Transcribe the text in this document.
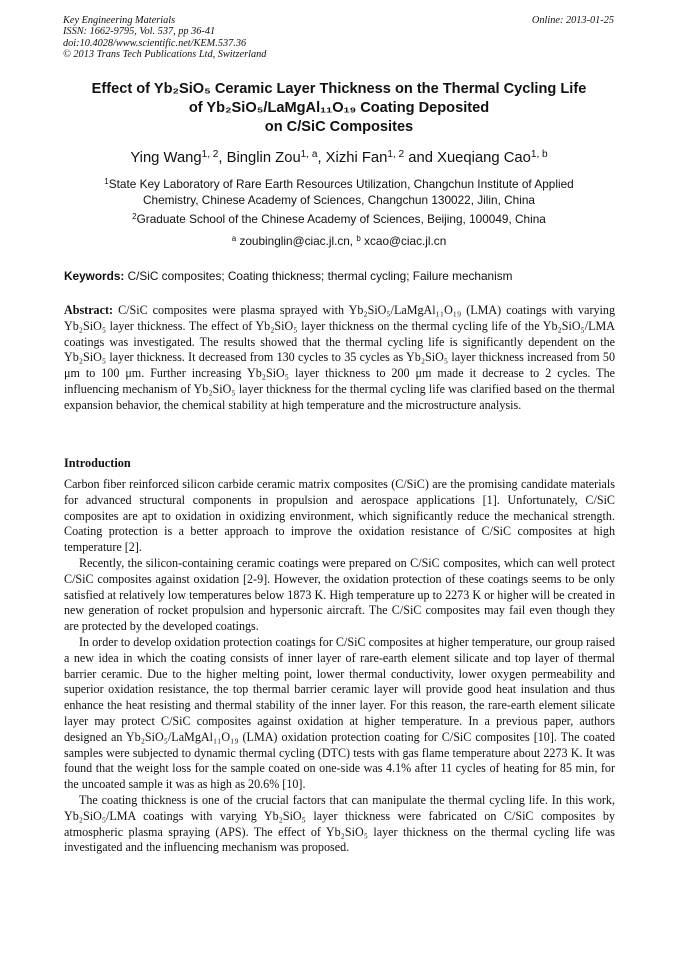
Key Engineering Materials
ISSN: 1662-9795, Vol. 537, pp 36-41
doi:10.4028/www.scientific.net/KEM.537.36
© 2013 Trans Tech Publications Ltd, Switzerland
Online: 2013-01-25
Effect of Yb₂SiO₅ Ceramic Layer Thickness on the Thermal Cycling Life
of Yb₂SiO₅/LaMgAl₁₁O₁₉ Coating Deposited
on C/SiC Composites
Ying Wang$^{1, 2}$, Binglin Zou$^{1, a}$, Xizhi Fan$^{1, 2}$ and Xueqiang Cao$^{1, b}$
$^1$State Key Laboratory of Rare Earth Resources Utilization, Changchun Institute of Applied
Chemistry, Chinese Academy of Sciences, Changchun 130022, Jilin, China
$^2$Graduate School of the Chinese Academy of Sciences, Beijing, 100049, China
$^a$ zoubinglin@ciac.jl.cn, $^b$ xcao@ciac.jl.cn
Keywords: C/SiC composites; Coating thickness; thermal cycling; Failure mechanism
Abstract: C/SiC composites were plasma sprayed with Yb₂SiO₅/LaMgAl₁₁O₁₉ (LMA) coatings with varying Yb₂SiO₅ layer thickness. The effect of Yb₂SiO₅ layer thickness on the thermal cycling life of the Yb₂SiO₅/LMA coatings was investigated. The results showed that the thermal cycling life is significantly dependent on the Yb₂SiO₅ layer thickness. It decreased from 130 cycles to 35 cycles as Yb₂SiO₅ layer thickness increased from 50 μm to 100 μm. Further increasing Yb₂SiO₅ layer thickness to 200 μm made it decrease to 2 cycles. The influencing mechanism of Yb₂SiO₅ layer thickness for the thermal cycling life was clarified based on the thermal expansion behavior, the chemical stability at high temperature and the microstructure analysis.
Introduction

Carbon fiber reinforced silicon carbide ceramic matrix composites (C/SiC) are the promising candidate materials for advanced structural components in propulsion and aerospace applications [1]. Unfortunately, C/SiC composites are apt to oxidation in oxidizing environment, which significantly reduce the mechanical strength. Coating protection is a better approach to improve the oxidation resistance of C/SiC composites at high temperature [2].

Recently, the silicon-containing ceramic coatings were prepared on C/SiC composites, which can well protect C/SiC composites against oxidation [2-9]. However, the oxidation protection of these coatings seems to be only satisfied at relatively low temperatures below 1873 K. High temperature up to 2273 K or higher will be created in new generation of rocket propulsion and hypersonic aircraft. The C/SiC composites may fail even though they are protected by the developed coatings.

In order to develop oxidation protection coatings for C/SiC composites at higher temperature, our group raised a new idea in which the coating consists of inner layer of rare-earth element silicate and top layer of thermal barrier ceramic. Due to the higher melting point, lower thermal conductivity, lower oxygen permeability and superior oxidation resistance, the top thermal barrier ceramic layer will provide good heat insulation and thus enhance the heat resisting and thermal stability of the inner layer. For this reason, the rare-earth element silicate layer may protect C/SiC composites against oxidation at higher temperature. In a previous paper, authors designed an Yb₂SiO₅/LaMgAl₁₁O₁₉ (LMA) oxidation protection coating for C/SiC composites [10]. The coated samples were subjected to dynamic thermal cycling (DTC) tests with gas flame temperature about 2273 K. It was found that the weight loss for the sample coated on one-side was 4.1% after 11 cycles of heating for 85 min, for the uncoated sample it was as high as 20.6% [10].

The coating thickness is one of the crucial factors that can manipulate the thermal cycling life. In this work, Yb₂SiO₅/LMA coatings with varying Yb₂SiO₅ layer thickness were fabricated on C/SiC composites by atmospheric plasma spraying (APS). The effect of Yb₂SiO₅ layer thickness on the thermal cycling life was investigated and the influencing mechanism was proposed.
